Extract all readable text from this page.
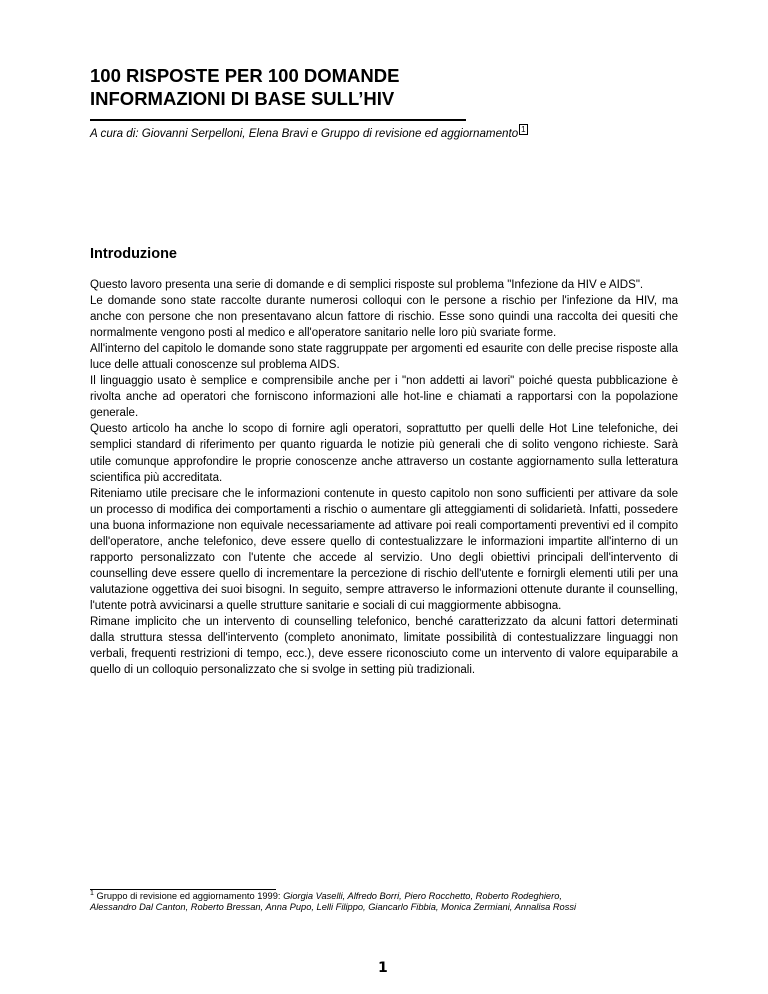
100 RISPOSTE PER 100 DOMANDE
INFORMAZIONI DI BASE SULL’HIV
A cura di: Giovanni Serpelloni, Elena Bravi e Gruppo di revisione ed aggiornamento 1
Introduzione

Questo lavoro presenta una serie di domande e di semplici risposte sul problema "Infezione da HIV e AIDS".

Le domande sono state raccolte durante numerosi colloqui con le persone a rischio per l'infezione da HIV, ma anche con persone che non presentavano alcun fattore di rischio. Esse sono quindi una raccolta dei quesiti che normalmente vengono posti al medico e all'operatore sanitario nelle loro più svariate forme.

All'interno del capitolo le domande sono state raggruppate per argomenti ed esaurite con delle precise risposte alla luce delle attuali conoscenze sul problema AIDS.

Il linguaggio usato è semplice e comprensibile anche per i "non addetti ai lavori" poiché questa pubblicazione è rivolta anche ad operatori che forniscono informazioni alle hot-line e chiamati a rapportarsi con la popolazione generale.

Questo articolo ha anche lo scopo di fornire agli operatori, soprattutto per quelli delle Hot Line telefoniche, dei semplici standard di riferimento per quanto riguarda le notizie più generali che di solito vengono richieste. Sarà utile comunque approfondire le proprie conoscenze anche attraverso un costante aggiornamento sulla letteratura scientifica più accreditata.

Riteniamo utile precisare che le informazioni contenute in questo capitolo non sono sufficienti per attivare da sole un processo di modifica dei comportamenti a rischio o aumentare gli atteggiamenti di solidarietà. Infatti, possedere una buona informazione non equivale necessariamente ad attivare poi reali comportamenti preventivi ed il compito dell'operatore, anche telefonico, deve essere quello di contestualizzare le informazioni impartite all'interno di un rapporto personalizzato con l'utente che accede al servizio. Uno degli obiettivi principali dell'intervento di counselling deve essere quello di incrementare la percezione di rischio dell'utente e fornirgli elementi utili per una valutazione oggettiva dei suoi bisogni. In seguito, sempre attraverso le informazioni ottenute durante il counselling, l'utente potrà avvicinarsi a quelle strutture sanitarie e sociali di cui maggiormente abbisogna.

Rimane implicito che un intervento di counselling telefonico, benché caratterizzato da alcuni fattori determinati dalla struttura stessa dell'intervento (completo anonimato, limitate possibilità di contestualizzare linguaggi non verbali, frequenti restrizioni di tempo, ecc.), deve essere riconosciuto come un intervento di valore equiparabile a quello di un colloquio personalizzato che si svolge in setting più tradizionali.

$^1$ Gruppo di revisione ed aggiornamento 1999: Giorgia Vaselli, Alfredo Borri, Piero Rocchetto, Roberto Rodeghiero, Alessandro Dal Canton, Roberto Bressan, Anna Pupo, Lelli Filippo, Giancarlo Fibbia, Monica Zermiani, Annalisa Rossi
1
